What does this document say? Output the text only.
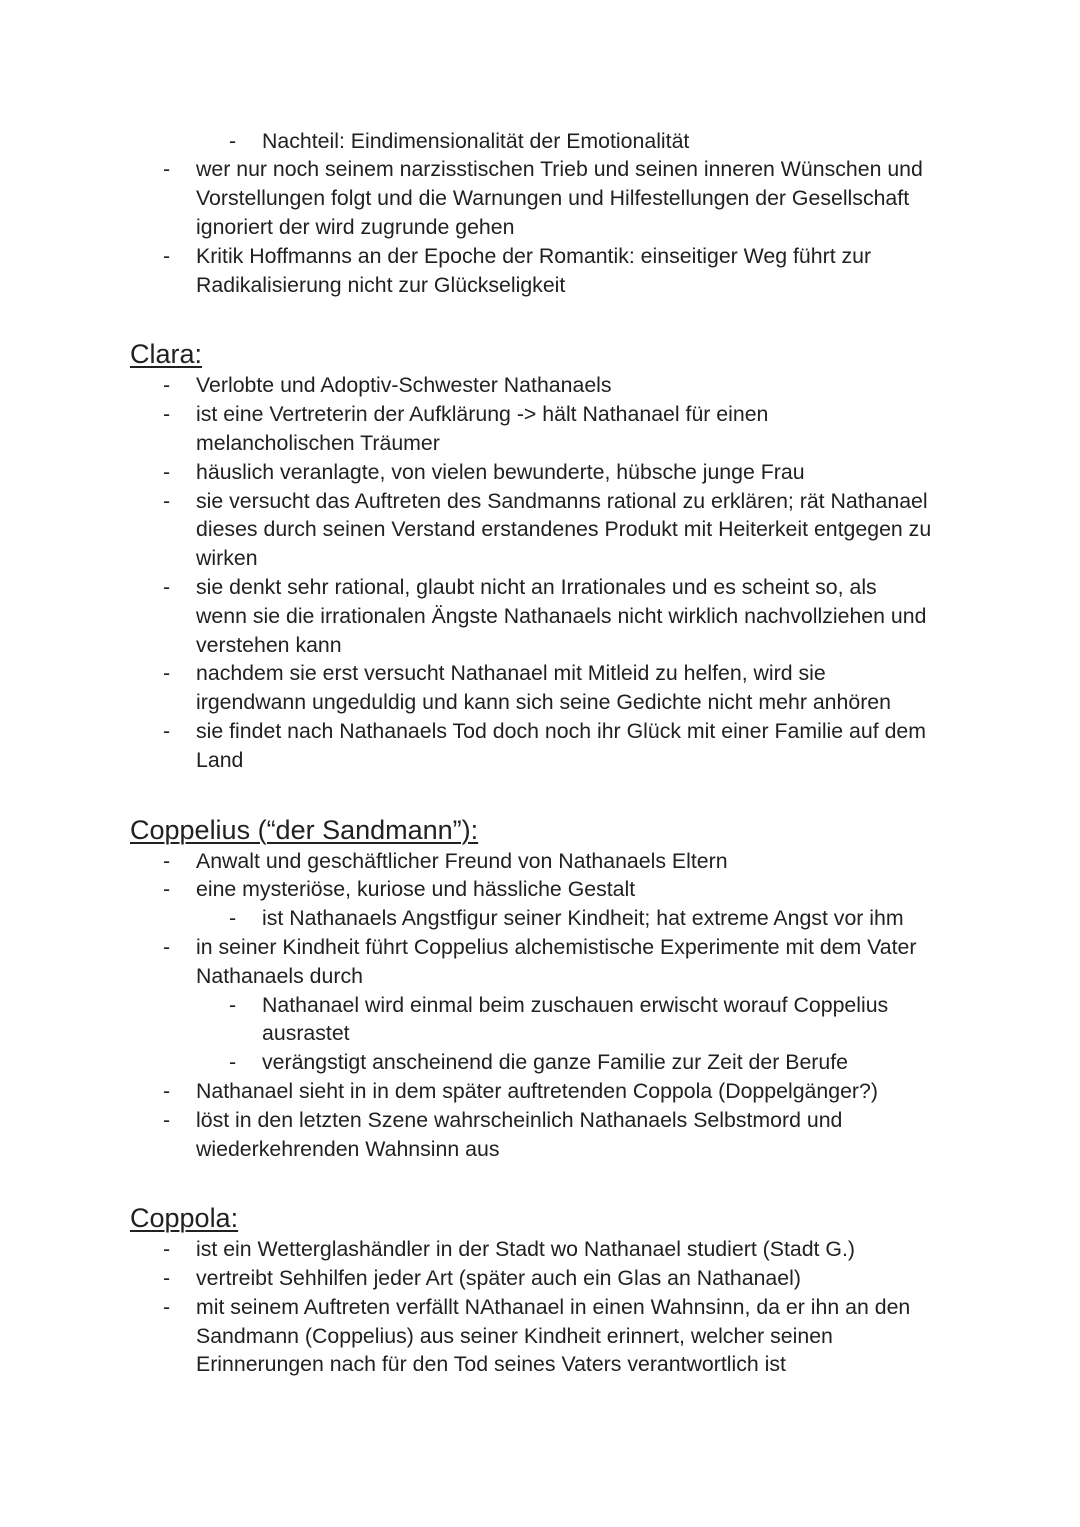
- Nachteil: Eindimensionalität der Emotionalität
- wer nur noch seinem narzisstischen Trieb und seinen inneren Wünschen und
Vorstellungen folgt und die Warnungen und Hilfestellungen der Gesellschaft
ignoriert der wird zugrunde gehen
- Kritik Hoffmanns an der Epoche der Romantik: einseitiger Weg führt zur
Radikalisierung nicht zur Glückseligkeit
Clara:
- Verlobte und Adoptiv-Schwester Nathanaels
- ist eine Vertreterin der Aufklärung -> hält Nathanael für einen
melancholischen Träumer
- häuslich veranlagte, von vielen bewunderte, hübsche junge Frau
- sie versucht das Auftreten des Sandmanns rational zu erklären; rät Nathanael
dieses durch seinen Verstand erstandenes Produkt mit Heiterkeit entgegen zu
wirken
- sie denkt sehr rational, glaubt nicht an Irrationales und es scheint so, als
wenn sie die irrationalen Ängste Nathanaels nicht wirklich nachvollziehen und
verstehen kann
- nachdem sie erst versucht Nathanael mit Mitleid zu helfen, wird sie
irgendwann ungeduldig und kann sich seine Gedichte nicht mehr anhören
- sie findet nach Nathanaels Tod doch noch ihr Glück mit einer Familie auf dem
Land
Coppelius (“der Sandmann”):
- Anwalt und geschäftlicher Freund von Nathanaels Eltern
- eine mysteriöse, kuriose und hässliche Gestalt
- ist Nathanaels Angstfigur seiner Kindheit; hat extreme Angst vor ihm
- in seiner Kindheit führt Coppelius alchemistische Experimente mit dem Vater
Nathanaels durch
- Nathanael wird einmal beim zuschauen erwischt worauf Coppelius
ausrastet
- verängstigt anscheinend die ganze Familie zur Zeit der Berufe
- Nathanael sieht in in dem später auftretenden Coppola (Doppelgänger?)
- löst in den letzten Szene wahrscheinlich Nathanaels Selbstmord und
wiederkehrenden Wahnsinn aus
Coppola:
- ist ein Wetterglashändler in der Stadt wo Nathanael studiert (Stadt G.)
- vertreibt Sehhilfen jeder Art (später auch ein Glas an Nathanael)
- mit seinem Auftreten verfällt NAthanael in einen Wahnsinn, da er ihn an den
Sandmann (Coppelius) aus seiner Kindheit erinnert, welcher seinen
Erinnerungen nach für den Tod seines Vaters verantwortlich ist
